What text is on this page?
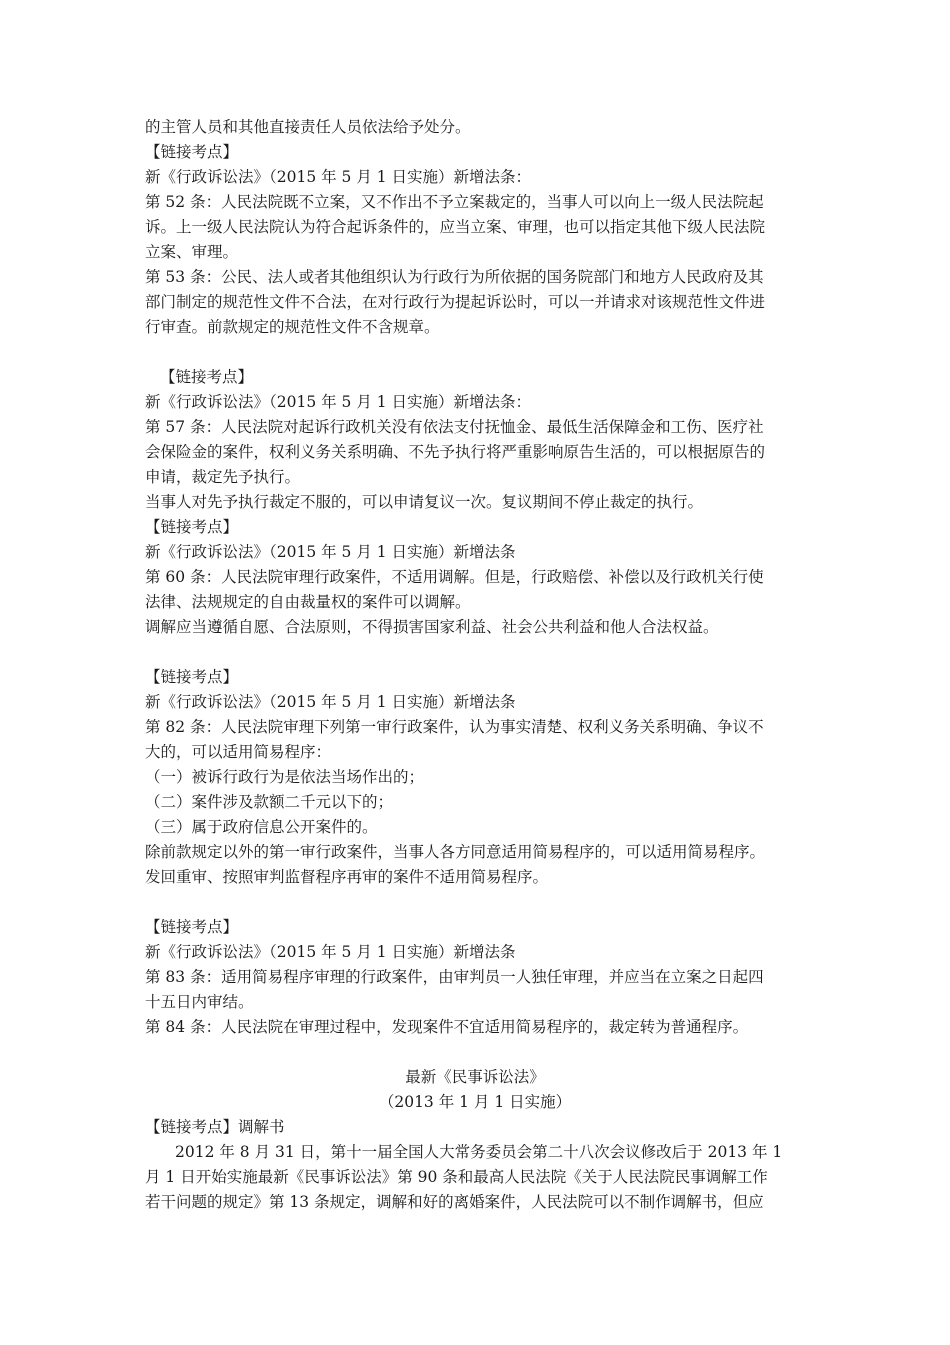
的主管人员和其他直接责任人员依法给予处分。
【链接考点】
新《行政诉讼法》（2015 年 5 月 1 日实施）新增法条：
第 52 条：人民法院既不立案，又不作出不予立案裁定的，当事人可以向上一级人民法院起
诉。上一级人民法院认为符合起诉条件的，应当立案、审理，也可以指定其他下级人民法院
立案、审理。
第 53 条：公民、法人或者其他组织认为行政行为所依据的国务院部门和地方人民政府及其
部门制定的规范性文件不合法，在对行政行为提起诉讼时，可以一并请求对该规范性文件进
行审查。前款规定的规范性文件不含规章。
【链接考点】
新《行政诉讼法》（2015 年 5 月 1 日实施）新增法条：
第 57 条：人民法院对起诉行政机关没有依法支付抚恤金、最低生活保障金和工伤、医疗社
会保险金的案件，权利义务关系明确、不先予执行将严重影响原告生活的，可以根据原告的
申请，裁定先予执行。
当事人对先予执行裁定不服的，可以申请复议一次。复议期间不停止裁定的执行。
【链接考点】
新《行政诉讼法》（2015 年 5 月 1 日实施）新增法条
第 60 条：人民法院审理行政案件，不适用调解。但是，行政赔偿、补偿以及行政机关行使
法律、法规规定的自由裁量权的案件可以调解。
调解应当遵循自愿、合法原则，不得损害国家利益、社会公共利益和他人合法权益。
【链接考点】
新《行政诉讼法》（2015 年 5 月 1 日实施）新增法条
第 82 条：人民法院审理下列第一审行政案件，认为事实清楚、权利义务关系明确、争议不
大的，可以适用简易程序：
（一）被诉行政行为是依法当场作出的；
（二）案件涉及款额二千元以下的；
（三）属于政府信息公开案件的。
除前款规定以外的第一审行政案件，当事人各方同意适用简易程序的，可以适用简易程序。
发回重审、按照审判监督程序再审的案件不适用简易程序。
【链接考点】
新《行政诉讼法》（2015 年 5 月 1 日实施）新增法条
第 83 条：适用简易程序审理的行政案件，由审判员一人独任审理，并应当在立案之日起四
十五日内审结。
第 84 条：人民法院在审理过程中，发现案件不宜适用简易程序的，裁定转为普通程序。
最新《民事诉讼法》
（2013 年 1 月 1 日实施）
【链接考点】调解书
2012 年 8 月 31 日，第十一届全国人大常务委员会第二十八次会议修改后于 2013 年 1
月 1 日开始实施最新《民事诉讼法》第 90 条和最高人民法院《关于人民法院民事调解工作
若干问题的规定》第 13 条规定，调解和好的离婚案件，人民法院可以不制作调解书，但应
